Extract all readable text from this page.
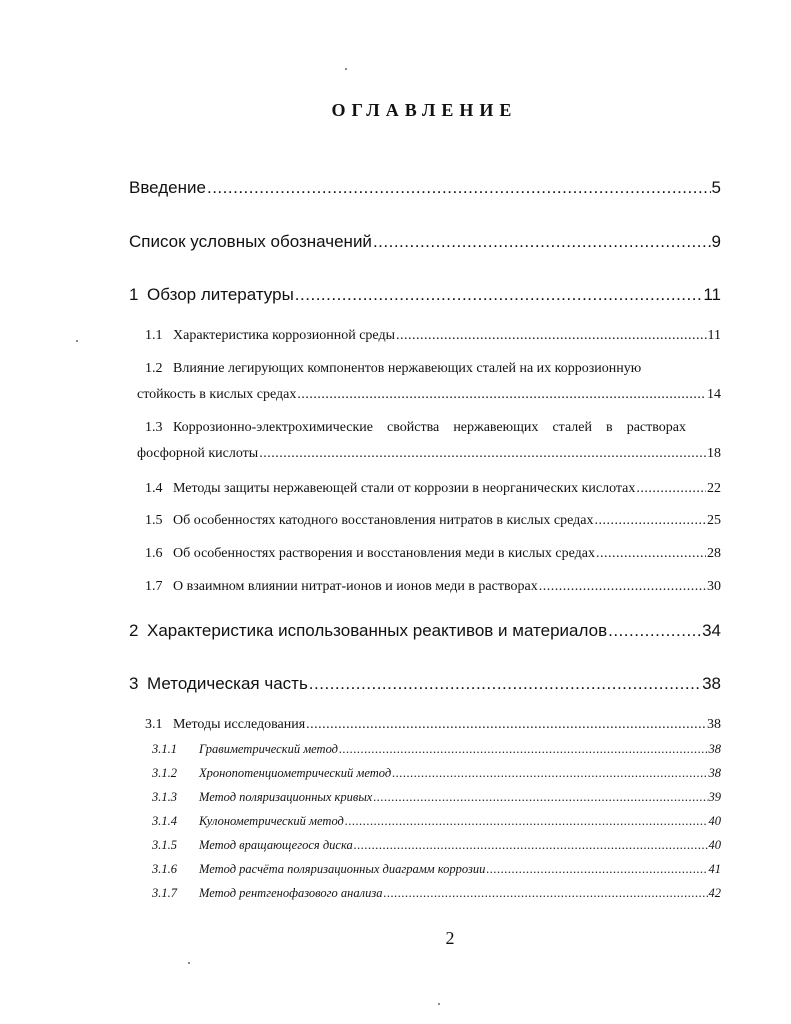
ОГЛАВЛЕНИЕ
Введение .....	5
Список условных обозначений .....	9
1 Обзор литературы .....	11
1.1 Характеристика коррозионной среды .....	11
1.2 Влияние легирующих компонентов нержавеющих сталей на их коррозионную
стойкость в кислых средах .....	14
1.3 Коррозионно-электрохимические свойства нержавеющих сталей в растворах
фосфорной кислоты .....	18
1.4 Методы защиты нержавеющей стали от коррозии в неорганических кислотах .....	22
1.5 Об особенностях катодного восстановления нитратов в кислых средах .....	25
1.6 Об особенностях растворения и восстановления меди в кислых средах .....	28
1.7 О взаимном влиянии нитрат-ионов и ионов меди в растворах .....	30
2 Характеристика использованных реактивов и материалов .....	34
3 Методическая часть .....	38
3.1 Методы исследования .....	38
3.1.1	Гравиметрический метод .....	38
3.1.2	Хронопотенциометрический метод .....	38
3.1.3	Метод поляризационных кривых .....	39
3.1.4	Кулонометрический метод .....	40
3.1.5	Метод вращающегося диска .....	40
3.1.6	Метод расчёта поляризационных диаграмм коррозии .....	41
3.1.7	Метод рентгенофазового анализа .....	42
2
